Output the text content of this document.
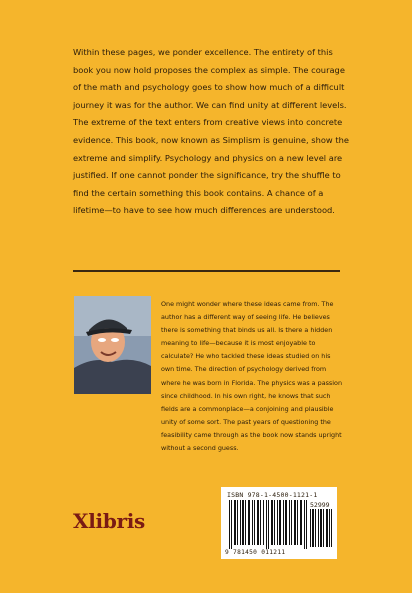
Within these pages, we ponder excellence. The entirety of this book you now hold proposes the complex as simple. The courage of the math and psychology goes to show how much of a difficult journey it was for the author. We can find unity at different levels. The extreme of the text enters from creative views into concrete evidence. This book, now known as Simplism is genuine, show the extreme and simplify. Psychology and physics on a new level are justified. If one cannot ponder the significance, try the shuffle to find the certain something this book contains. A chance of a lifetime—to have to see how much differences are understood.

One might wonder where these ideas came from. The author has a different way of seeing life. He believes there is something that binds us all. Is there a hidden meaning to life—because it is most enjoyable to calculate? He who tackled these ideas studied on his own time. The direction of psychology derived from where he was born in Florida. The physics was a passion since childhood. In his own right, he knows that such fields are a commonplace—a conjoining and plausible unity of some sort. The past years of questioning the feasibility came through as the book now stands upright without a second guess.

Xlibris
ISBN 978-1-4500-1121-1
52999
9 781450 011211
